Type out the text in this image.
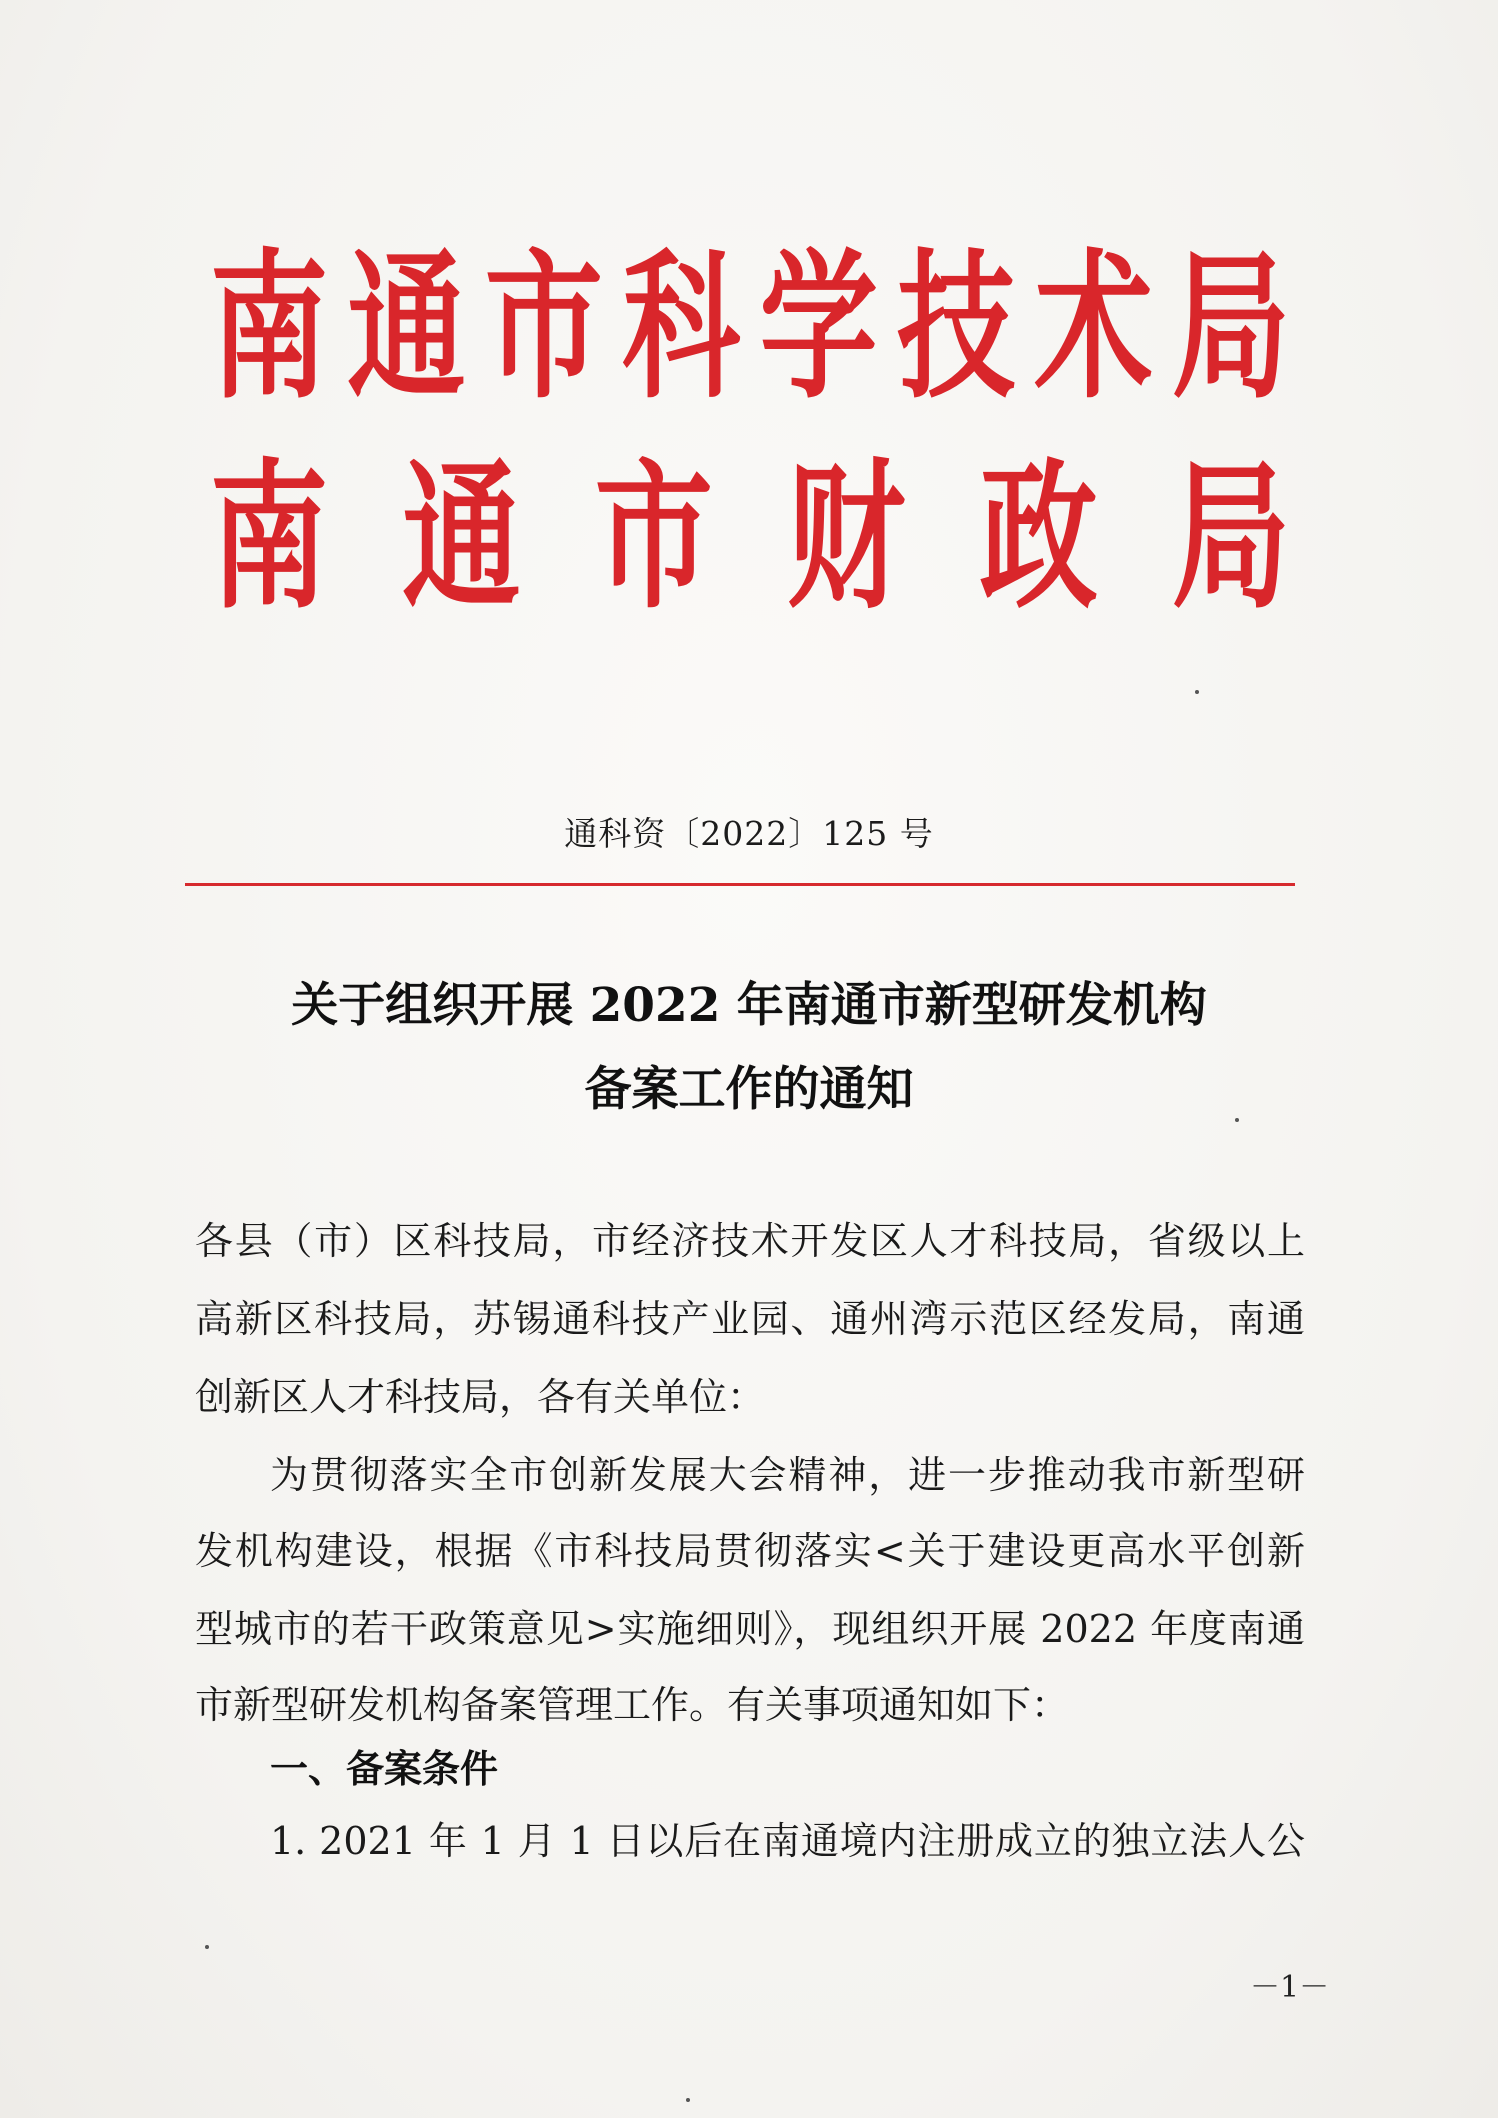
南 通 市 科 学 技 术 局
南 通 市 财 政 局
通科资〔2022〕125 号
关于组织开展 2022 年南通市新型研发机构
备案工作的通知
各县（市）区科技局，市经济技术开发区人才科技局，省级以上
高新区科技局，苏锡通科技产业园、通州湾示范区经发局，南通
创新区人才科技局，各有关单位：
为贯彻落实全市创新发展大会精神，进一步推动我市新型研
发机构建设，根据《市科技局贯彻落实<关于建设更高水平创新
型城市的若干政策意见>实施细则》，现组织开展 2022 年度南通
市新型研发机构备案管理工作。有关事项通知如下：
一、备案条件
1. 2021 年 1 月 1 日以后在南通境内注册成立的独立法人公
－1－
